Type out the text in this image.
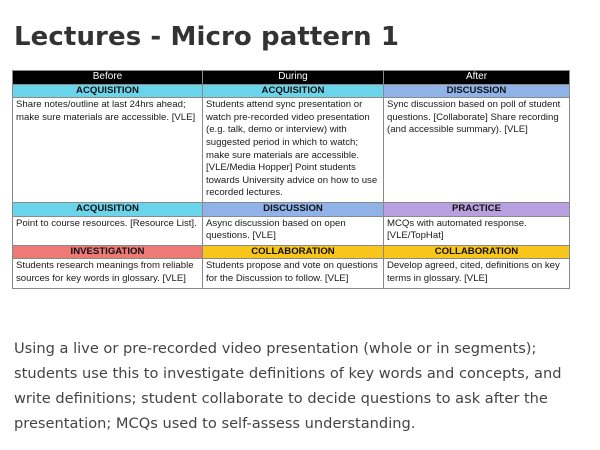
Lectures - Micro pattern 1
Before	During	After
ACQUISITION	ACQUISITION	DISCUSSION
Share notes/outline at last 24hrs ahead; make sure materials are accessible. [VLE]	Students attend sync presentation or watch pre-recorded video presentation (e.g. talk, demo or interview) with suggested period in which to watch; make sure materials are accessible. [VLE/Media Hopper] Point students towards University advice on how to use recorded lectures.	Sync discussion based on poll of student questions. [Collaborate] Share recording (and accessible summary). [VLE]
ACQUISITION	DISCUSSION	PRACTICE
Point to course resources. [Resource List].	Async discussion based on open questions. [VLE]	MCQs with automated response. [VLE/TopHat]
INVESTIGATION	COLLABORATION	COLLABORATION
Students research meanings from reliable sources for key words in glossary. [VLE]	Students propose and vote on questions for the Discussion to follow. [VLE]	Develop agreed, cited, definitions on key terms in glossary. [VLE]

Using a live or pre-recorded video presentation (whole or in segments); students use this to investigate definitions of key words and concepts, and write definitions; student collaborate to decide questions to ask after the presentation; MCQs used to self-assess understanding.
